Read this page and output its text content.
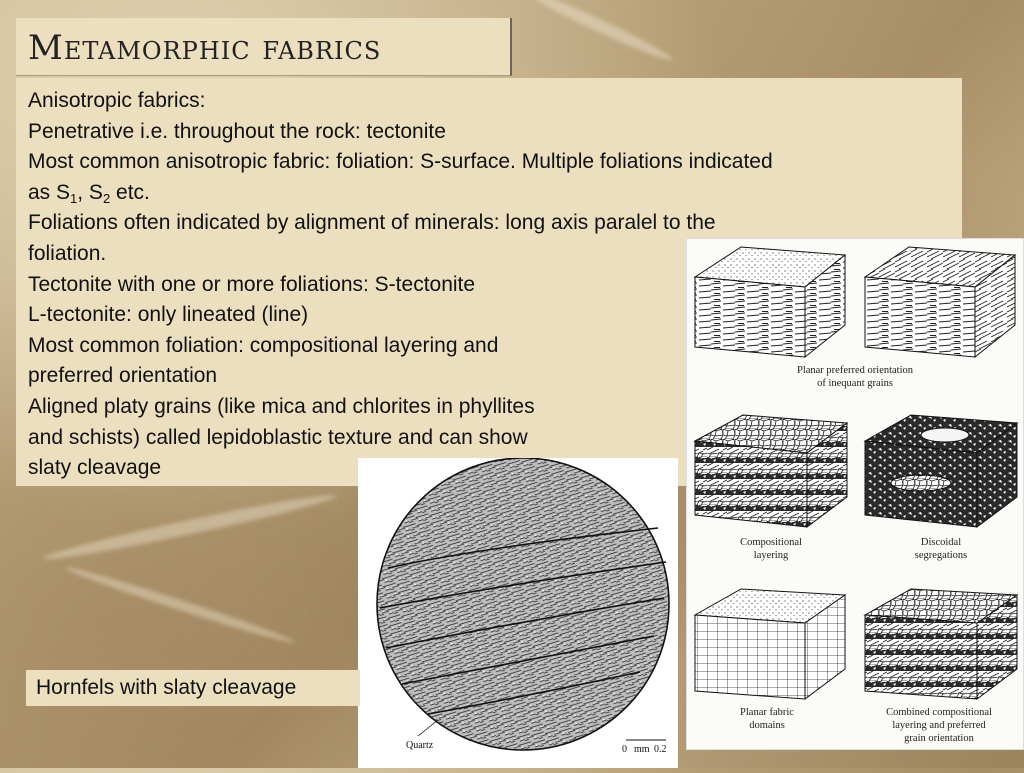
Metamorphic fabrics
Anisotropic fabrics:
Penetrative i.e. throughout the rock: tectonite
Most common anisotropic fabric: foliation: S-surface. Multiple foliations indicated
as $S_1$, $S_2$ etc.
Foliations often indicated by alignment of minerals: long axis paralel to the
foliation.
Tectonite with one or more foliations: S-tectonite
L-tectonite: only lineated (line)
Most common foliation: compositional layering and
preferred orientation
Aligned platy grains (like mica and chlorites in phyllites
and schists) called lepidoblastic texture and can show
slaty cleavage
Planar preferred orientation
of inequant grains
Compositional
layering
Discoidal
segregations
Planar fabric
domains
Combined compositional
layering and preferred
grain orientation
Quartz	0 mm 0.2
Hornfels with slaty cleavage
